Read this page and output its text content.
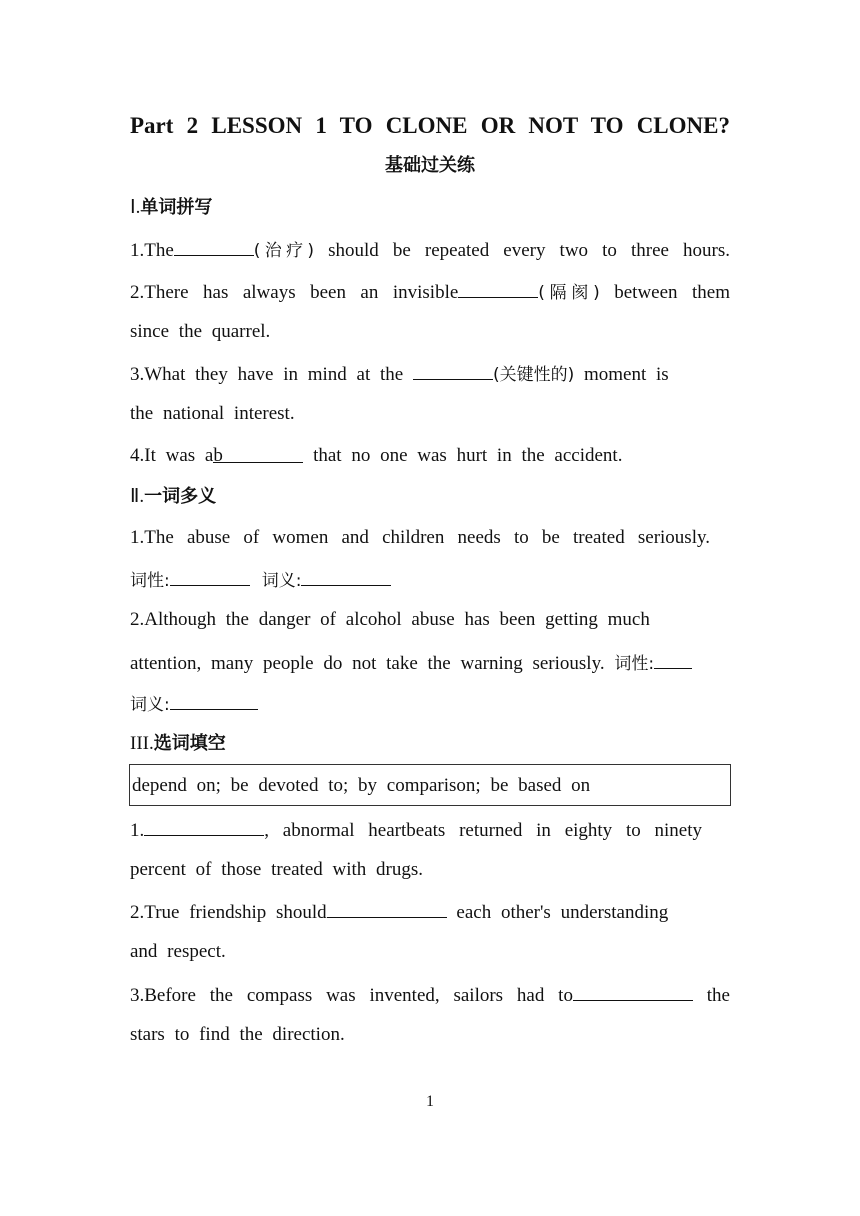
Part 2 LESSON 1 TO CLONE OR NOT TO CLONE?
基础过关练
Ⅰ.单词拼写
1.The	(治疗) should be repeated every two to three hours.
2.There has always been an invisible	(隔阂) between them
since the quarrel.
3.What they have in mind at the	(关键性的) moment is
the national interest.
4.It was ab	that no one was hurt in the accident.
Ⅱ.一词多义
1.The abuse of women and children needs to be treated seriously.
词性:	词义:
2.Although the danger of alcohol abuse has been getting much
attention, many people do not take the warning seriously. 词性:
词义:
III.选词填空
depend on; be devoted to; by comparison; be based on
1.	, abnormal heartbeats returned in eighty to ninety
percent of those treated with drugs.
2.True friendship should	each other's understanding
and respect.
3.Before the compass was invented, sailors had to	the
stars to find the direction.
1
